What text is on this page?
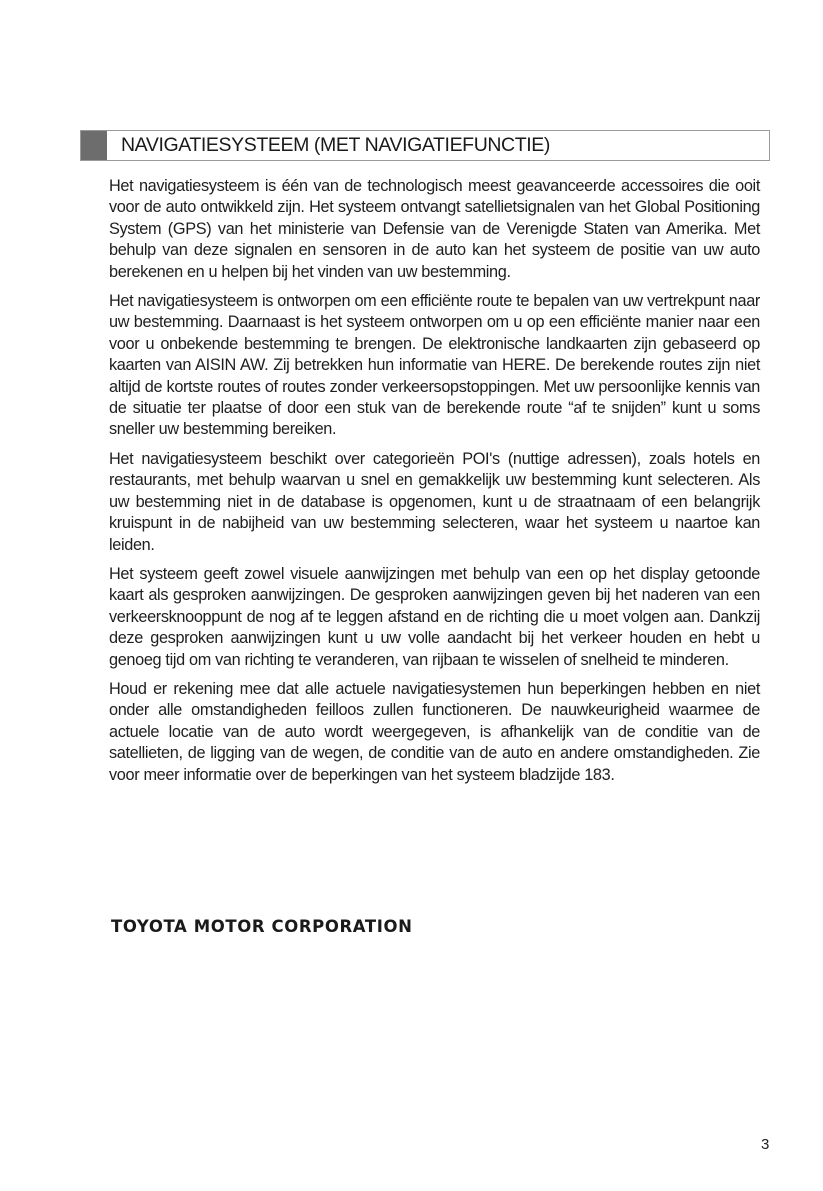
NAVIGATIESYSTEEM (MET NAVIGATIEFUNCTIE)

Het navigatiesysteem is één van de technologisch meest geavanceerde accessoires die ooit voor de auto ontwikkeld zijn. Het systeem ontvangt satellietsignalen van het Global Positioning System (GPS) van het ministerie van Defensie van de Verenigde Staten van Amerika. Met behulp van deze signalen en sensoren in de auto kan het systeem de positie van uw auto berekenen en u helpen bij het vinden van uw bestemming.

Het navigatiesysteem is ontworpen om een efficiënte route te bepalen van uw vertrekpunt naar uw bestemming. Daarnaast is het systeem ontworpen om u op een efficiënte manier naar een voor u onbekende bestemming te brengen. De elektronische landkaarten zijn gebaseerd op kaarten van AISIN AW. Zij betrekken hun informatie van HERE. De berekende routes zijn niet altijd de kortste routes of routes zonder verkeersopstoppingen. Met uw persoonlijke kennis van de situatie ter plaatse of door een stuk van de berekende route “af te snijden” kunt u soms sneller uw bestemming bereiken.

Het navigatiesysteem beschikt over categorieën POI's (nuttige adressen), zoals hotels en restaurants, met behulp waarvan u snel en gemakkelijk uw bestemming kunt selecteren. Als uw bestemming niet in de database is opgenomen, kunt u de straatnaam of een belangrijk kruispunt in de nabijheid van uw bestemming selecteren, waar het systeem u naartoe kan leiden.

Het systeem geeft zowel visuele aanwijzingen met behulp van een op het display getoonde kaart als gesproken aanwijzingen. De gesproken aanwijzingen geven bij het naderen van een verkeersknooppunt de nog af te leggen afstand en de richting die u moet volgen aan. Dankzij deze gesproken aanwijzingen kunt u uw volle aandacht bij het verkeer houden en hebt u genoeg tijd om van richting te veranderen, van rijbaan te wisselen of snelheid te minderen.

Houd er rekening mee dat alle actuele navigatiesystemen hun beperkingen hebben en niet onder alle omstandigheden feilloos zullen functioneren. De nauwkeurigheid waarmee de actuele locatie van de auto wordt weergegeven, is afhankelijk van de conditie van de satellieten, de ligging van de wegen, de conditie van de auto en andere omstandigheden. Zie voor meer informatie over de beperkingen van het systeem bladzijde 183.

TOYOTA MOTOR CORPORATION
3
